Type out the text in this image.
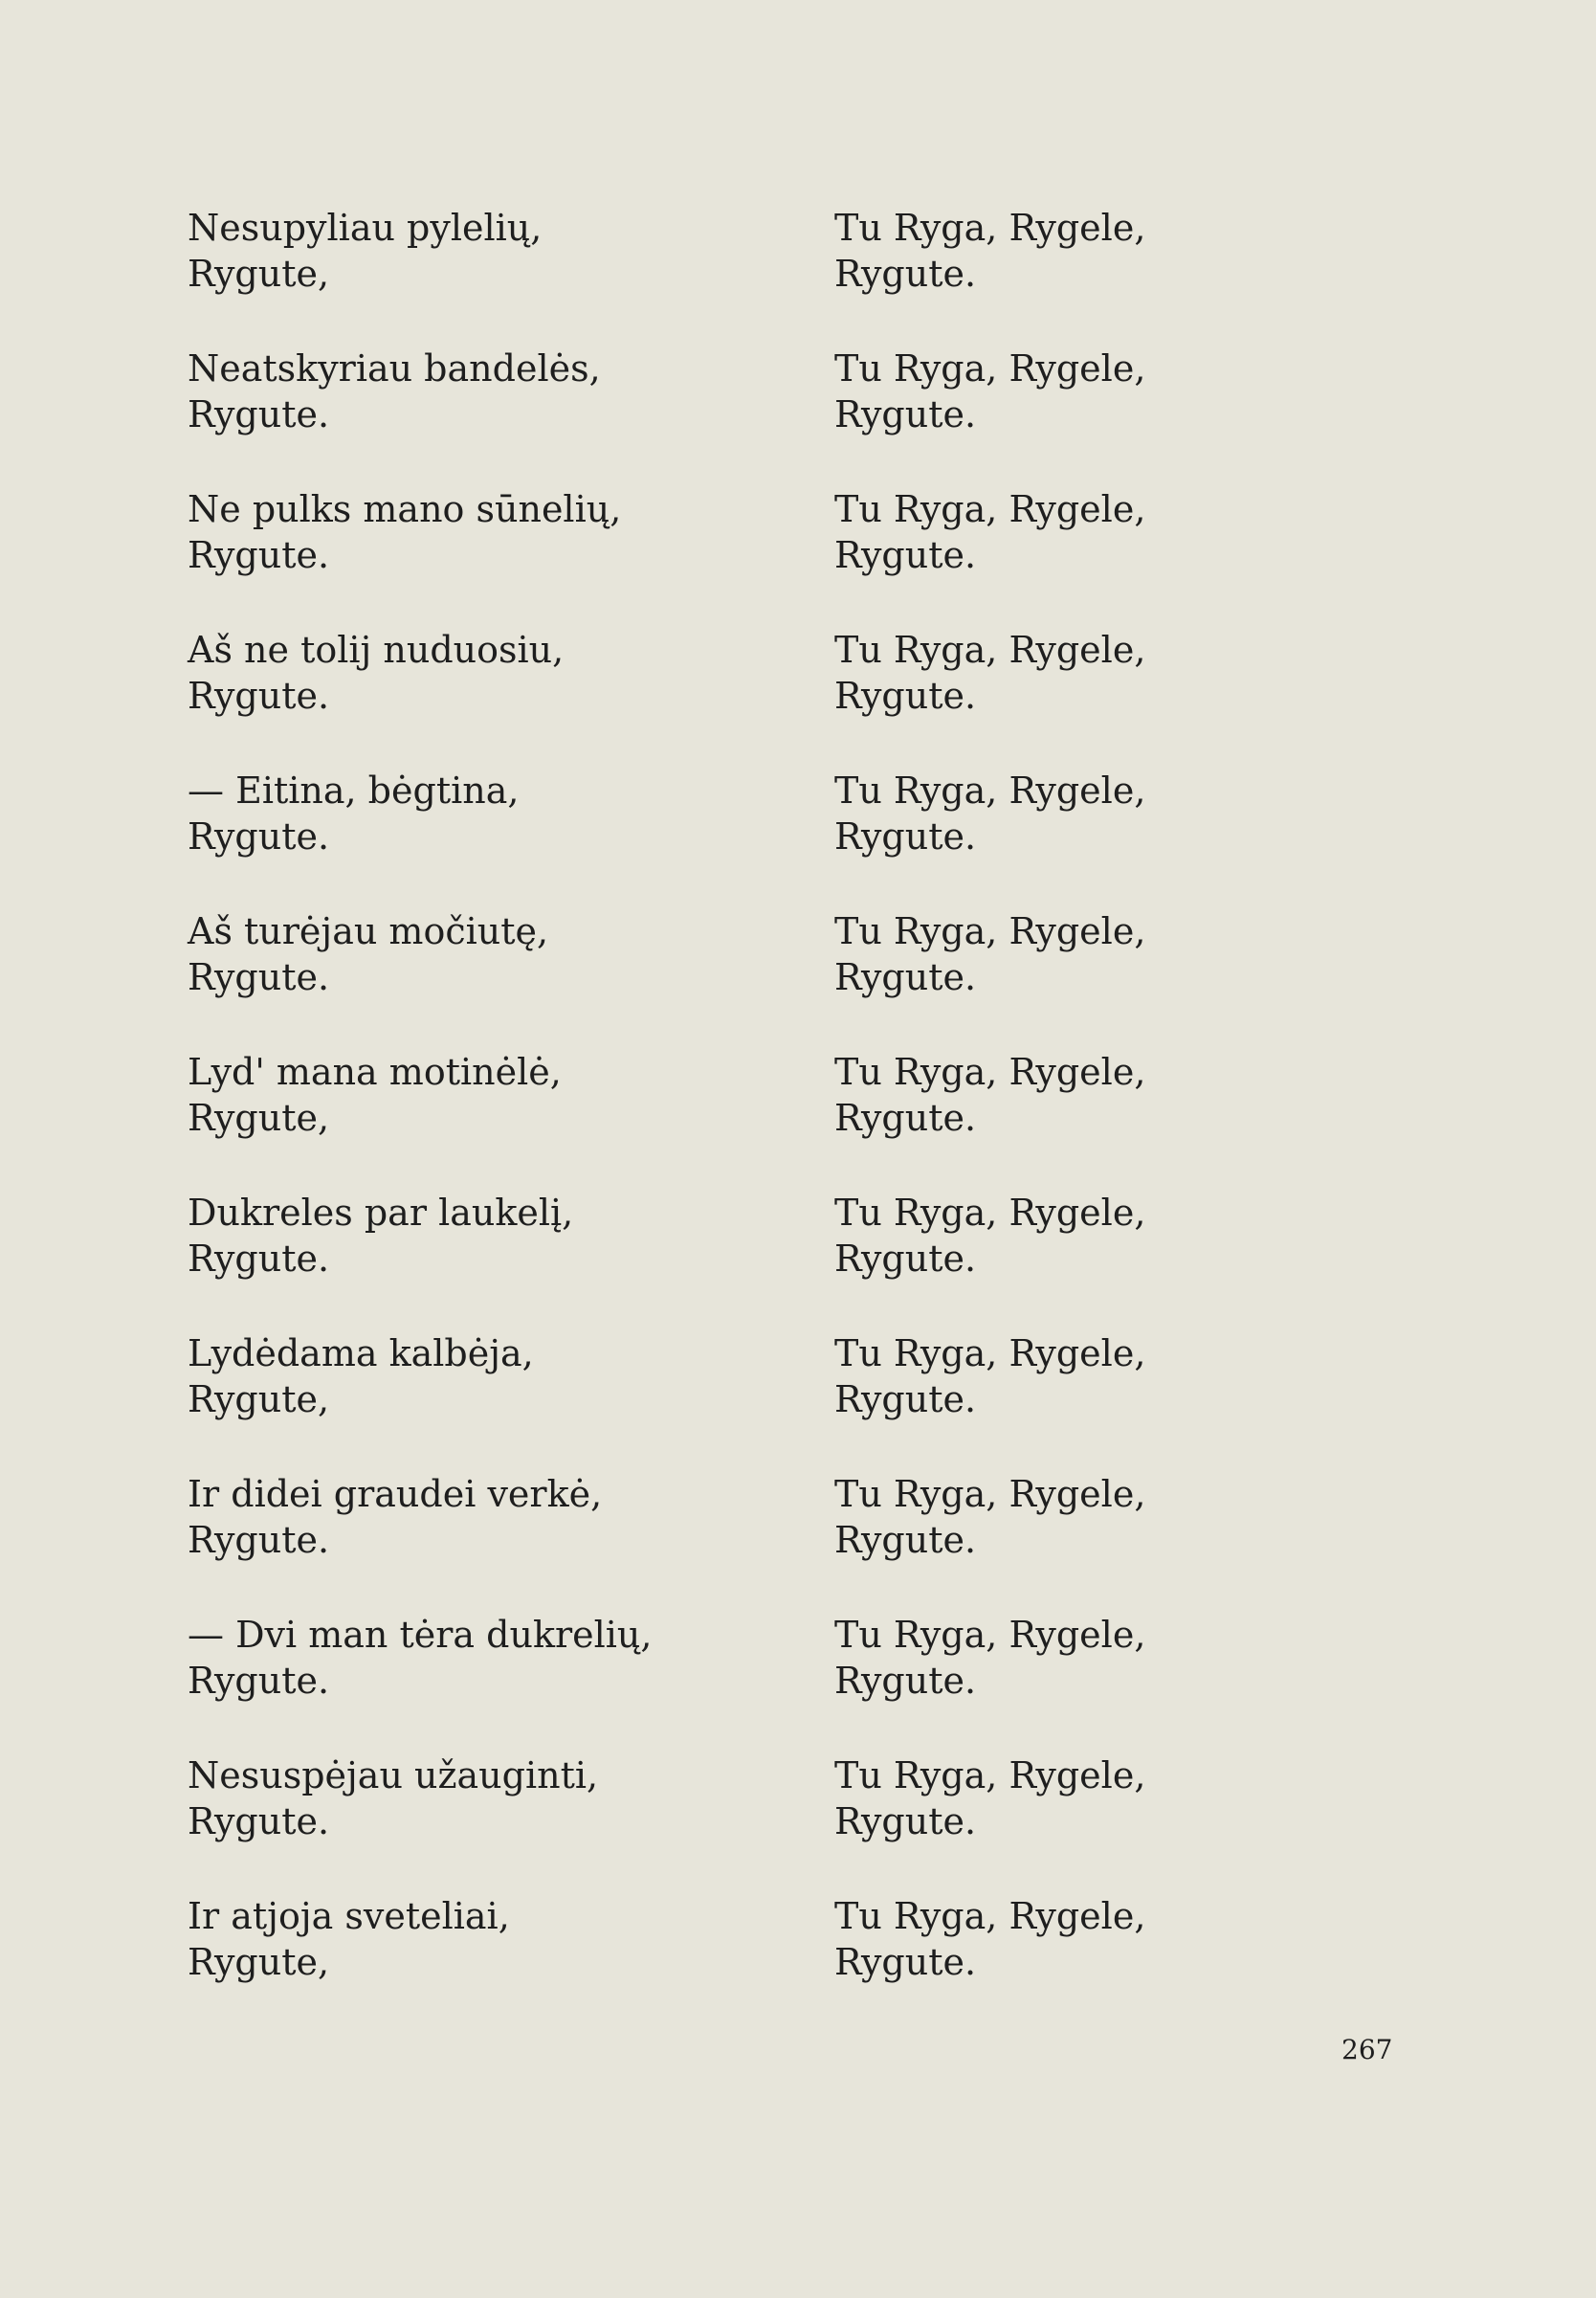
Nesupyliau pylelių,
Rygute,
Tu Ryga, Rygele,
Rygute.
Neatskyriau bandelės,
Rygute.
Tu Ryga, Rygele,
Rygute.
Ne pulks mano sūnelių,
Rygute.
Tu Ryga, Rygele,
Rygute.
Aš ne tolij nuduosiu,
Rygute.
Tu Ryga, Rygele,
Rygute.
— Eitina, bėgtina,
Rygute.
Tu Ryga, Rygele,
Rygute.
Aš turėjau močiutę,
Rygute.
Tu Ryga, Rygele,
Rygute.
Lyd' mana motinėlė,
Rygute,
Tu Ryga, Rygele,
Rygute.
Dukreles par laukelį,
Rygute.
Tu Ryga, Rygele,
Rygute.
Lydėdama kalbėja,
Rygute,
Tu Ryga, Rygele,
Rygute.
Ir didei graudei verkė,
Rygute.
Tu Ryga, Rygele,
Rygute.
— Dvi man tėra dukrelių,
Rygute.
Tu Ryga, Rygele,
Rygute.
Nesuspėjau užauginti,
Rygute.
Tu Ryga, Rygele,
Rygute.
Ir atjoja sveteliai,
Rygute,
Tu Ryga, Rygele,
Rygute.
267
